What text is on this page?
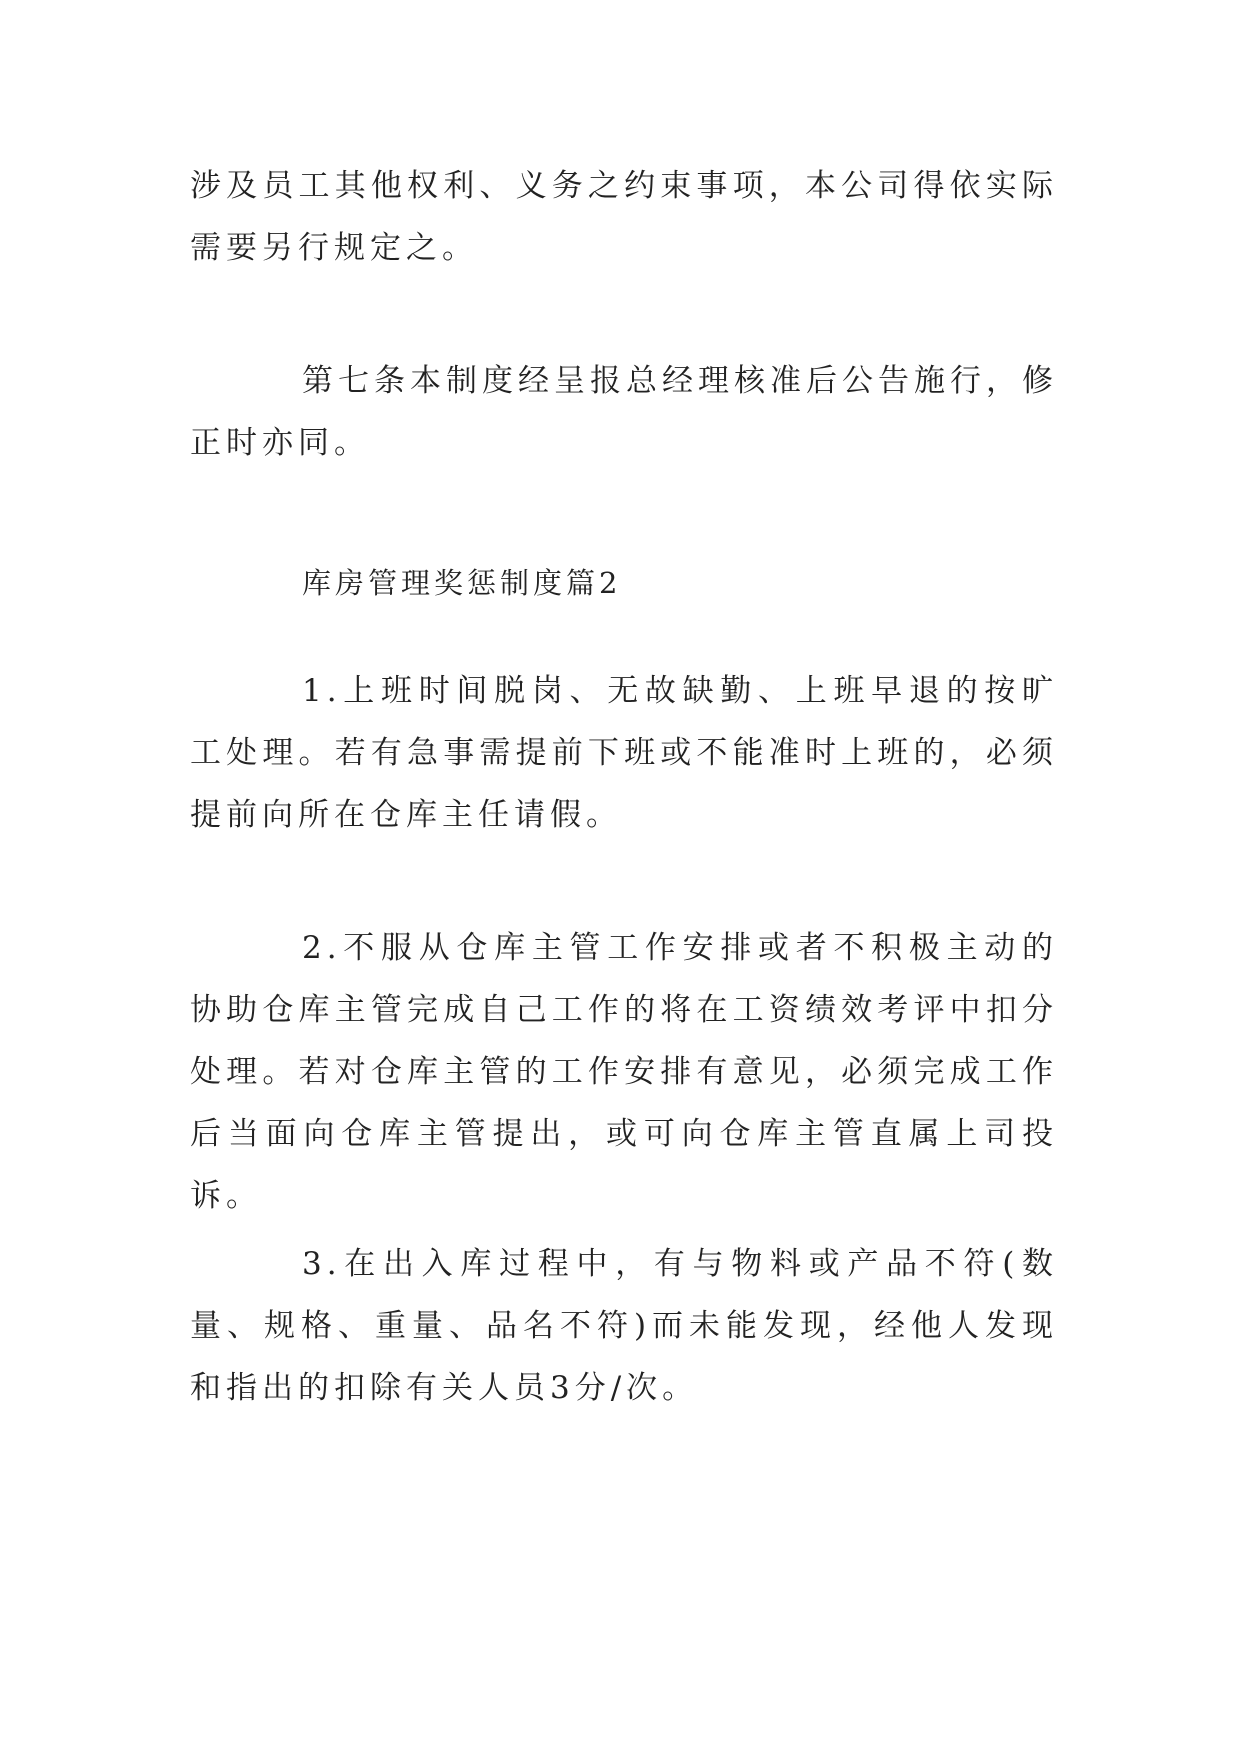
涉及员工其他权利、义务之约束事项，本公司得依实际需要另行规定之。

第七条本制度经呈报总经理核准后公告施行，修正时亦同。

库房管理奖惩制度篇2

1.上班时间脱岗、无故缺勤、上班早退的按旷工处理。若有急事需提前下班或不能准时上班的，必须提前向所在仓库主任请假。

2.不服从仓库主管工作安排或者不积极主动的协助仓库主管完成自己工作的将在工资绩效考评中扣分处理。若对仓库主管的工作安排有意见，必须完成工作后当面向仓库主管提出，或可向仓库主管直属上司投诉。

3.在出入库过程中，有与物料或产品不符(数量、规格、重量、品名不符)而未能发现，经他人发现和指出的扣除有关人员3分/次。
